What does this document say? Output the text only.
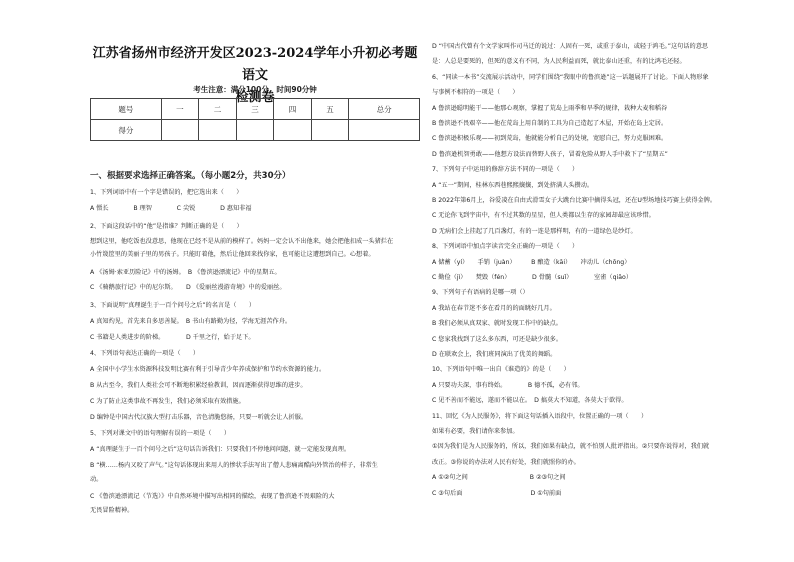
江苏省扬州市经济开发区2023-2024学年小升初必考题语文
检测卷
考生注意：满分100分，时间90分钟
题号	一	二	三	四	五	总分
得分						
一、根据要求选择正确答案。（每小题2分，共30分）
1、下列词语中有一个字是错误的，把它选出来（　　）
A 慑长　　　　B 理智　　　　C 尖锐　　　　D 惠知非福
2、下面这段话中的“他”是指谁？判断正确的是（　　）
想到这里，他吃饭也没意思，他现在已经不是从前的模样了。妈妈一定会认不出他来，她会把他扣成一头猪拦在
小竹篾筐里的美丽子里的男孩子。只能盯着他，然后让他回来找你家，也可能让这遭想到自己。心想着。
A 《汤姆·索亚历险记》中的汤姆。　B 《鲁滨逊漂流记》中的星期五。
C 《骑鹅旅行记》中的尼尔斯。　　D 《爱丽丝漫游奇境》中的爱丽丝。
3、下面说明“真理诞生于一百个问号之后”的名言是（　　）
A 真知灼见，首先来自多思善疑。　B 书山有路勤为径，学海无涯苦作舟。
C 书籍是人类进步的阶梯。　　　　D 千里之行，始于足下。
4、下列语句表达正确的一项是（　　）
A 全国中小学生水资源科技发明比赛有利于引导青少年养成保护和节约水资源的能力。
B 从古至今，我们人类社会可不断地积累经验教训，因而逐渐获得思维的进步。
C 为了防止这类事故不再发生，我们必须采取有效措施。
D 编钟是中国古代汉族大型打击乐器，音色清脆悠扬，只要一听就会让人折服。
5、下列对课文中的语句理解有误的一项是（　　）
A “真理诞生于一百个问号之后”这句话告诉我们：只要我们不停地问问题，就一定能发现真理。
B “横……杨内又咬了声气。”这句话体现出来用人的惨状手法写出了僧人悲痛离酷向外管治的样子，非常生
动。
C 《鲁滨逊漂流记（节选）》中自然环境中描写出相同的描绘，表现了鲁滨逊不畏艰险的大
无畏冒险精神。
D “中国古代曾有个文学家叫作司马迁的说过：人固有一死，或重于泰山，或轻于鸿毛。”这句话的意思
是：人总是要死的，但死的意义有不同，为人民利益而死，就比泰山还重，有的比鸿毛还轻。
6、“同读一本书”交流展示活动中，同学们围绕“我眼中的鲁滨逊”这一话题展开了讨论。下面人物形象
与事例不相符的一项是（　　）
A 鲁滨逊聪明能干——他那心观察，掌握了荒岛上雨季和旱季的规律，栽种大麦和稻谷
B 鲁滨逊不畏艰辛——他在荒岛上用自制的工具为自己造起了木屋，开始在岛上定居。
C 鲁滨逊积极乐观——初到荒岛，他就能分析自己的处境，宽慰自己，努力克服困难。
D 鲁滨逊机智勇敢——他想方设法而替野人孩子，冒着危险从野人手中救下了“星期五”
7、下列句子中运用的修辞方法不同的一项是（　　）
A “五一”期间，桂林东西巷熙熙攘攘，到处挤满人头攒动。
B 2022年第6月上，谷爱凌在自由式滑雪女子大跳台比赛中摘得头冠，还在U型场地技巧赛上获得金牌。
C 无论你飞到宇宙中，有不过其数的星星，但人类都以生存的家园却最应该珍惜。
D 无病们会上挂起了几百盏灯，有的一连是那样明，有的一道绿色是纱灯。
8、下列词语中加点字读音完全正确的一项是（　　）
A 储蓄（yí）　　手销（juàn）　　　B 酿造（kāi）　　冲动儿（chōng）
C 勤俭（jì）　　焚毁（fén）　　　　D 骨髓（suǐ）　　　　室雀（qiāo）
9、下列句子有语病的是哪一项（）
A 我站在春节迷不多在看月的的面眺好几月。
B 我们必须从真双家、就时发现工作中的缺点。
C 您家我找到了这么多东西，可还是缺少很多。
D 在联欢会上，我们班同演出了优美的舞蹈。
10、下列语句中唯一出自《谁造的》的是（　　）
A 只要功夫深，事有终始。　　　　B 德不孤，必有邻。
C 见不善而不能远，遂而不能以在。　D 搞莫大不知道，各莫大于欲得。
11、回忆《为人民服务》，将下面这句话插入语段中，位置正确的一项（　　）
如果有必要，我们请你来参加。
①因为我们是为人民服务的，所以，我们如果有缺点，就不怕别人批评指出。②只要你说得对，我们就
改正。③你说的办法对人民有好处，我们就照你的办。
A ①②句之间　　　　　　　　　　B ②③句之间
C ③句后面　　　　　　　　　　　D ①句前面
